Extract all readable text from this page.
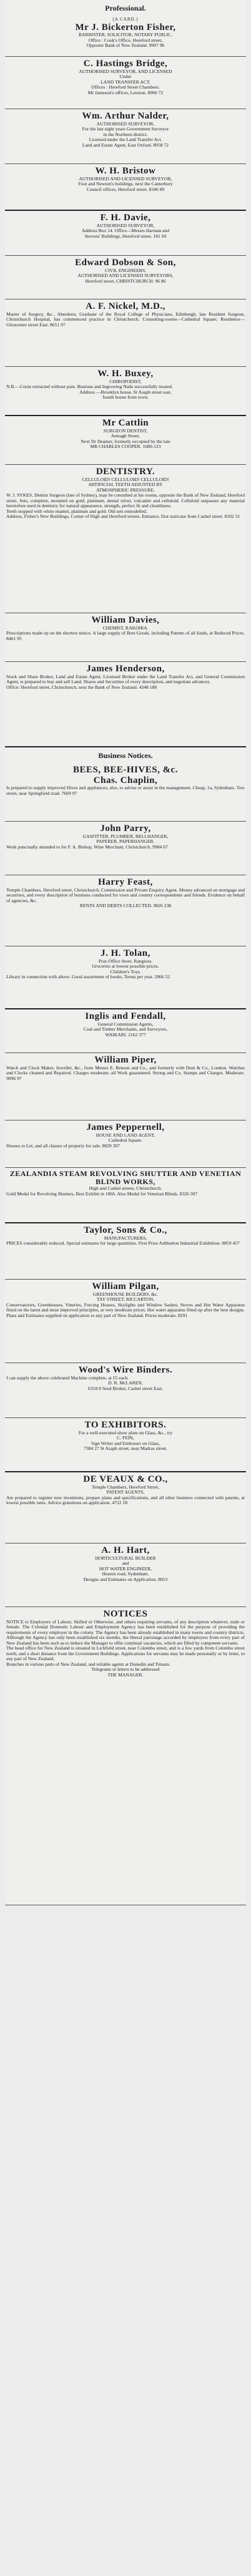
Professional.
[A CARD.]
Mr J. Bickerton Fisher,
BARRISTER, SOLICITOR, NOTARY PUBLIC.
Office : Cook's Office, Hereford street,
Opposite Bank of New Zealand. 9907 96
C. Hastings Bridge,
AUTHORISED SURVEYOR, AND LICENSED
Under
LAND TRANSFER ACT.
Offices : Hereford Street Chambers.
Mr Jameson's offices, Leeston. 8960 72
Wm. Arthur Nalder,
AUTHORISED SURVEYOR,
For the last eight years Government Surveyor
in the Northern district.
Licensed under the Land Transfer Act.
Land and Estate Agent, East Oxford. 8958 72
W. H. Bristow
AUTHORISED AND LICENSED SURVEYOR,
Foot and Newton's buildings, next the Canterbury
Council offices, Hereford street. 8346 89
F. H. Davie,
AUTHORISED SURVEYOR,
Address Box 14. Office—Messrs Harman and
Stevens' Buildings, Hereford street. 181 69
Edward Dobson & Son,
CIVIL ENGINEERS,
AUTHORISED AND LICENSED SURVEYORS,
Hereford street, CHRISTCHURCH. 96 86
A. F. Nickel, M.D.,
Master of Surgery, &c., Aberdeen, Graduate of the Royal College of Physicians, Edinburgh, late Resident Surgeon, Christchurch Hospital, has commenced practice in Christchurch. Consulting-rooms—Cathedral Square; Residence—Gloucester street East. 8651 97
W. H. Buxey,
CHIROPODIST,
N.B.—Corns extracted without pain. Bunions and Ingrowing Nails successfully treated.
Address —Brooklyn house, St Asaph street east,
fourth house from town.
Mr Cattlin
SURGEON DENTIST,
Armagh Street,
Next Dr Deamer, formerly occupied by the late
MR CHARLES COOPER. 1680-123
DENTISTRY.
CELLULOID! CELLULOID! CELLULOID!
ARTIFICIAL TEETH ADJUSTED BY
ATMOSPHERIC PRESSURE.
W. J. SYKES, Dentist Surgeon (late of Sydney), may be consulted at his rooms, opposite the Bank of New Zealand, Hereford street. Sets, complete, mounted on gold, platinum, dental silver, vulcanite and celluloid. Celluloid surpasses any material heretofore used in dentistry for natural appearance, strength, perfect fit and cleanliness.
Teeth stopped with white enamel, platinum and gold. Old sets remodelled.
Address, Fisher's New Buildings, Corner of High and Hereford streets. Entrance, first staircase from Cashel street. 8102 31
William Davies,
CHEMIST, RAKOIRA.
Prescriptions made up on the shortest notice. A large supply of Best Goods, including Patents of all kinds, at Reduced Prices. 8461 95
James Henderson,
Stock and Share Broker, Land and Estate Agent, Licensed Broker under the Land Transfer Act, and General Commission Agent, is prepared to buy and sell Land, Shares and Securities of every description, and negotiate advances.
Office: Hereford street, Christchurch, next the Bank of New Zealand. 4348 188
Business Notices.
BEES, BEE-HIVES, &c.
Chas. Chaplin,
Is prepared to supply improved Hives and appliances; also, to advise or assist in the management. Cheap, 1a, Sydenham. Tow street, near Springfield road. 7669 97
John Parry,
GASFITTER, PLUMBER, BELLHANGER,
PAPERER, PAPERHANGER.
Work punctually attended to for F. A. Bishop, Wine Merchant, Christchurch. 9984 67
Harry Feast,
Temple Chambers, Hereford street, Christchurch, Commission and Private Enquiry Agent. Money advanced on mortgage and securities, and every description of business conducted for town and country correspondents and friends. Evidence on behalf of agencies, &c.
RENTS AND DEBTS COLLECTED. 9026 238
J. H. Tolan,
Post-Office Store, Rangiora.
Groceries at lowest possible prices.
Children's Toys.
Library in connection with above. Good assortment of books, Terms per year. 2866 52
Inglis and Fendall,
General Commission Agents,
Coal and Timber Merchants, and Surveyors,
WAIKARI. 2162 377
William Piper,
Watch and Clock Maker, Jeweller, &c., from Messrs E. Benson and Co., and formerly with Dent & Co., London. Watches and Clocks cleaned and Repaired. Charges moderate; all Work guaranteed. Strong and Co. Stamps and Charges. Moderate. 9096 97
James Peppernell,
HOUSE AND LAND AGENT,
Cathedral Square.
Houses to Let, and all classes of property for sale. 8829 307
ZEALANDIA STEAM REVOLVING SHUTTER AND VENETIAN BLIND WORKS,
High and Cashel streets, Christchurch.
Gold Medal for Revolving Shutters, Best Exhibit in 1866. Also Medal for Venetian Blinds. 8326 307
Taylor, Sons & Co.,
MANUFACTURERS,
PRICES considerably reduced. Special estimates for large quantities. First Prize Ashburton Industrial Exhibition. 8859 457
William Pilgan,
GREENHOUSE BUILDERS, &c.
TAY STREET, RICCARTON.
Conservatories, Greenhouses, Vineries, Forcing Houses, Skylights and Window Sashes; Stoves and Hot Water Apparatus fitted on the latest and most improved principles, at very moderate prices. Hot water apparatus fitted up after the best designs. Plans and Estimates supplied on application to any part of New Zealand. Prices moderate. 8291
Wood's Wire Binders.
I can supply the above celebrated Machine complete, at £5 each.
D. R. McLAREN,
6318 8 Seed Broker, Cashel street East.
TO EXHIBITORS.
For a well-executed show plate on Glass, &c., try
C. FEIN,
Sign Writer and Embosser on Glass,
7384 27 St Asaph street, near Madras street.
DE VEAUX & CO.,
Temple Chambers, Hereford Street,
PATENT AGENTS,
Are prepared to register new inventions, prepare plans and specifications, and all other business connected with patents, at lowest possible rates. Advice gratuitous on application. 4722 18
A. H. Hart,
HORTICULTURAL BUILDER
and
HOT WATER ENGINEER,
Heaton road, Sydenham.
Designs and Estimates on Application. 8053
NOTICES
NOTICE to Employers of Labour, Skilled or Otherwise, and others requiring servants, of any description whatever, male or female. The Colonial Domestic Labour and Employment Agency has been established for the purpose of providing the requirements of every employer in the colony. The Agency has been already established in many towns and country districts. Although the Agency has only been established six months, the liberal patronage accorded by employers from every part of New Zealand has been such as to induce the Manager to offer continual vacancies, which are filled by competent servants.
The head office for New Zealand is situated in Lichfield street, near Colombo street, and is a few yards from Colombo street north, and a short distance from the Government Buildings. Applications for servants may be made personally or by letter, to any part of New Zealand.
Branches in various parts of New Zealand, and reliable agents at Dunedin and Timaru.
Telegrams or letters to be addressed
THE MANAGER.
